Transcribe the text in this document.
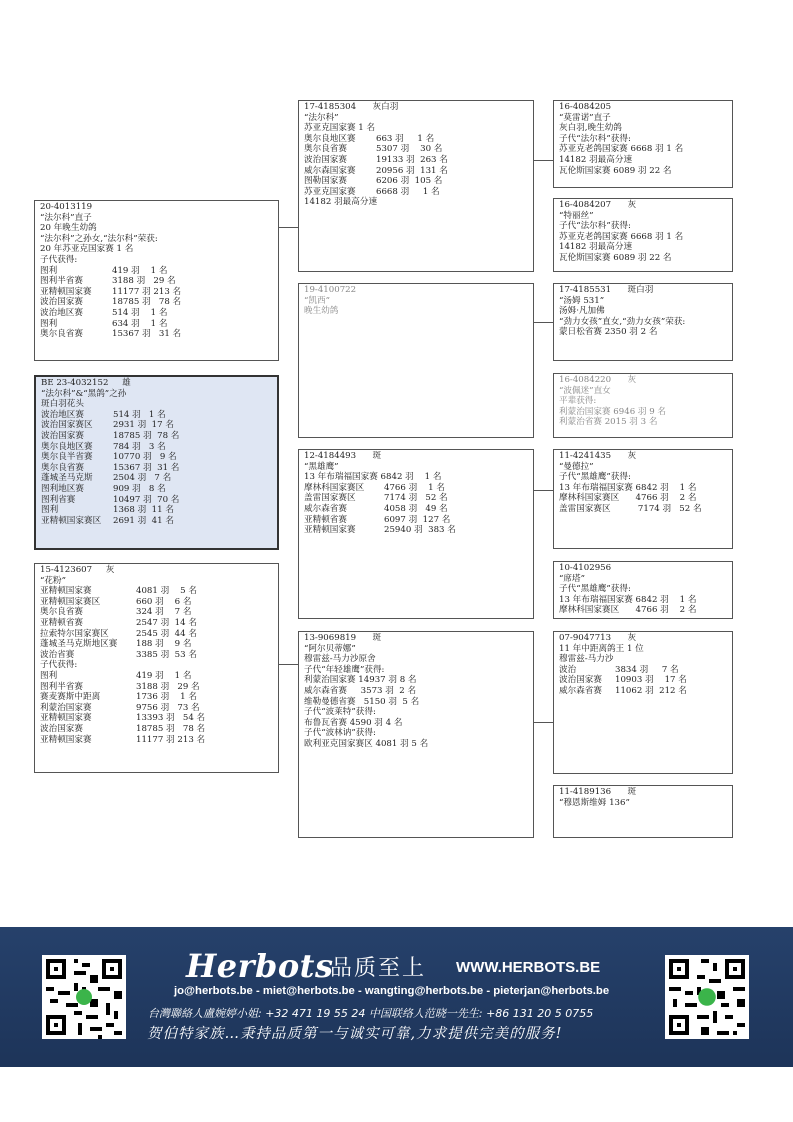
20-4013119
“法尔科”直子
20 年晚生幼鸽
“法尔科”之孙女,“法尔科”荣获:
20 年苏亚克国家赛 1 名
子代获得:
图利	419 羽    1 名
图利半省赛	3188 羽   29 名
亚精顿国家赛	11177 羽 213 名
波治国家赛	18785 羽   78 名
波治地区赛	514 羽    1 名
图利	634 羽    1 名
奥尔良省赛	15367 羽   31 名
BE 23-4032152     雄
“法尔科”&“黑鸽”之孙
斑白羽花头
波治地区赛	514 羽   1 名
波治国家赛区	2931 羽  17 名
波治国家赛	18785 羽  78 名
奥尔良地区赛	784 羽   3 名
奥尔良半省赛	10770 羽   9 名
奥尔良省赛	15367 羽  31 名
蓬城圣马克斯	2504 羽   7 名
图利地区赛	909 羽   8 名
图利省赛	10497 羽  70 名
图利	1368 羽  11 名
亚精顿国家赛区	2691 羽  41 名
15-4123607     灰
“花粉”
亚精顿国家赛	4081 羽    5 名
亚精顿国家赛区	660 羽    6 名
奥尔良省赛	324 羽    7 名
亚精顿省赛	2547 羽  14 名
拉索特尔国家赛区	2545 羽  44 名
蓬城圣马克斯地区赛	188 羽    9 名
波治省赛	3385 羽  53 名
子代获得:
图利	419 羽    1 名
图利半省赛	3188 羽   29 名
赛麦赛斯中距离	1736 羽    1 名
利蒙治国家赛	9756 羽   73 名
亚精顿国家赛	13393 羽   54 名
波治国家赛	18785 羽   78 名
亚精顿国家赛	11177 羽 213 名
17-4185304      灰白羽
“法尔科”
苏亚克国家赛 1 名
奥尔良地区赛	663 羽     1 名
奥尔良省赛	5307 羽    30 名
波治国家赛	19133 羽  263 名
威尔森国家赛	20956 羽  131 名
图勒国家赛	6206 羽  105 名
苏亚克国家赛	6668 羽     1 名
14182 羽最高分速
19-4100722
“凯西”
晚生幼鸽
12-4184493      斑
“黑雄鹰”
13 年布瑞福国家赛 6842 羽    1 名
摩林科国家赛区	4766 羽    1 名
盖雷国家赛区	7174 羽   52 名
威尔森省赛	4058 羽   49 名
亚精顿省赛	6097 羽  127 名
亚精顿国家赛	25940 羽  383 名
13-9069819      斑
“阿尔贝蒂娜”
穆雷兹-马力沙原舍
子代“年轻雄鹰”获得:
利蒙治国家赛 14937 羽 8 名
威尔森省赛     3573 羽  2 名
维勒曼德省赛   5150 羽  5 名
子代“波莱特”获得:
布鲁瓦省赛 4590 羽 4 名
子代“波林讷”获得:
欧利亚克国家赛区 4081 羽 5 名
16-4084205
“莫雷诺”直子
灰白羽,晚生幼鸽
子代“法尔科”获得:
苏亚克老鸽国家赛 6668 羽 1 名
14182 羽最高分速
瓦伦斯国家赛 6089 羽 22 名
16-4084207      灰
“特丽丝”
子代“法尔科”获得:
苏亚克老鸽国家赛 6668 羽 1 名
14182 羽最高分速
瓦伦斯国家赛 6089 羽 22 名
17-4185531      斑白羽
“汤姆 531”
汤姆·凡加佛
“劲力女孩”直女,“劲力女孩”荣获:
蒙日松省赛 2350 羽 2 名
16-4084220      灰
“波佩迷”直女
平辈获得:
利蒙治国家赛 6946 羽 9 名
利蒙治省赛 2015 羽 3 名
11-4241435      灰
“曼德拉”
子代“黑雄鹰”获得:
13 年布瑞福国家赛 6842 羽    1 名
摩林科国家赛区      4766 羽    2 名
盖雷国家赛区          7174 羽   52 名
10-4102956
“席塔”
子代“黑雄鹰”获得:
13 年布瑞福国家赛 6842 羽    1 名
摩林科国家赛区      4766 羽    2 名
07-9047713      灰
11 年中距离鸽王 1 位
穆雷兹-马力沙
波治	3834 羽     7 名
波治国家赛	10903 羽    17 名
威尔森省赛	11062 羽  212 名
11-4189136      斑
“穆恩斯维姆 136”
Herbots
品质至上 WWW.HERBOTS.BE
jo@herbots.be - miet@herbots.be - wangting@herbots.be - pieterjan@herbots.be
台灣聯絡人盧婉婷小姐: +32 471 19 55 24 中国联络人范晓一先生: +86 131 20 5 0755
贺伯特家族…秉持品质第一与诚实可靠,力求提供完美的服务!
